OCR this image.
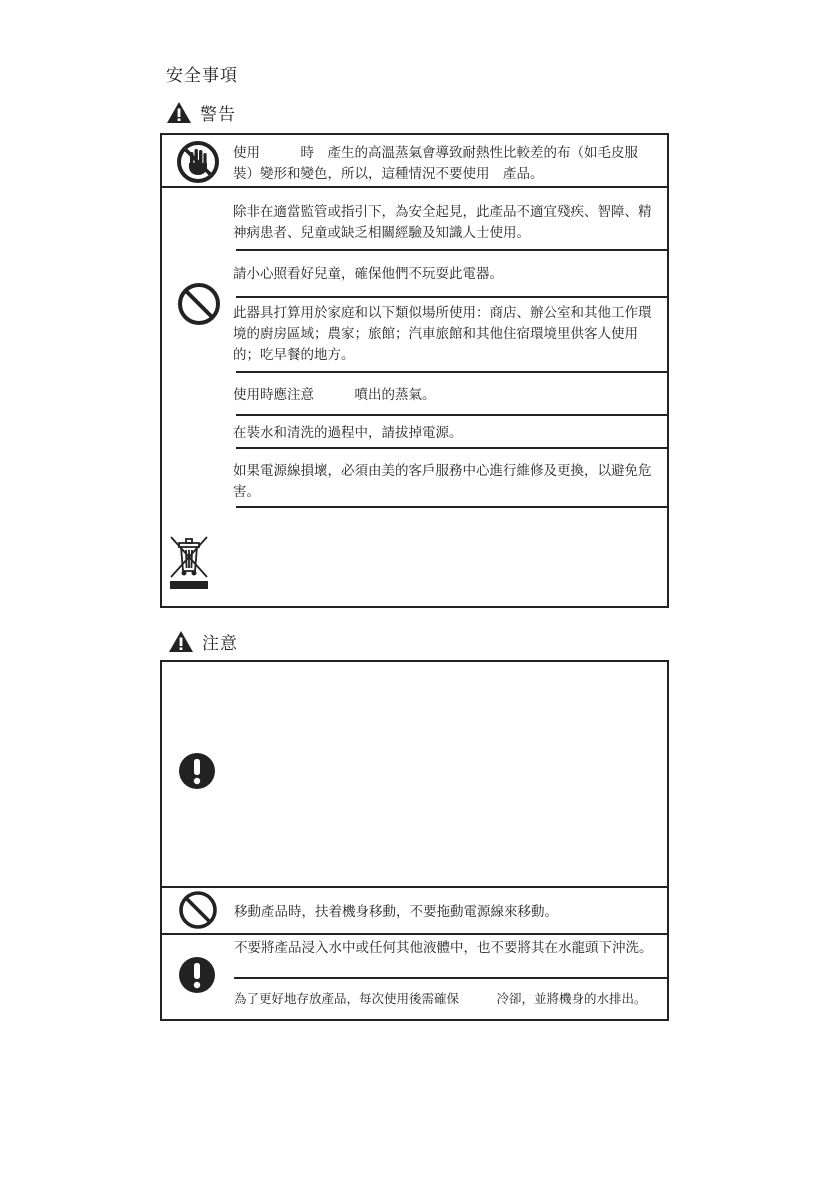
安全事項
警告
使用　　　時　產生的高溫蒸氣會導致耐熱性比較差的布（如毛皮服裝）變形和變色，所以，這種情況不要使用　產品。
除非在適當監管或指引下，為安全起見，此產品不適宜殘疾、智障、精神病患者、兒童或缺乏相關經驗及知識人士使用。
請小心照看好兒童，確保他們不玩耍此電器。
此器具打算用於家庭和以下類似場所使用：商店、辦公室和其他工作環境的廚房區域；農家；旅館；汽車旅館和其他住宿環境里供客人使用的；吃早餐的地方。
使用時應注意　　　噴出的蒸氣。
在裝水和清洗的過程中，請拔掉電源。
如果電源線損壞，必須由美的客戶服務中心進行維修及更換，以避免危害。
注意
移動產品時，扶着機身移動，不要拖動電源線來移動。
不要將產品浸入水中或任何其他液體中，也不要將其在水龍頭下沖洗。
為了更好地存放產品，每次使用後需確保　　　冷卻，並將機身的水排出。
